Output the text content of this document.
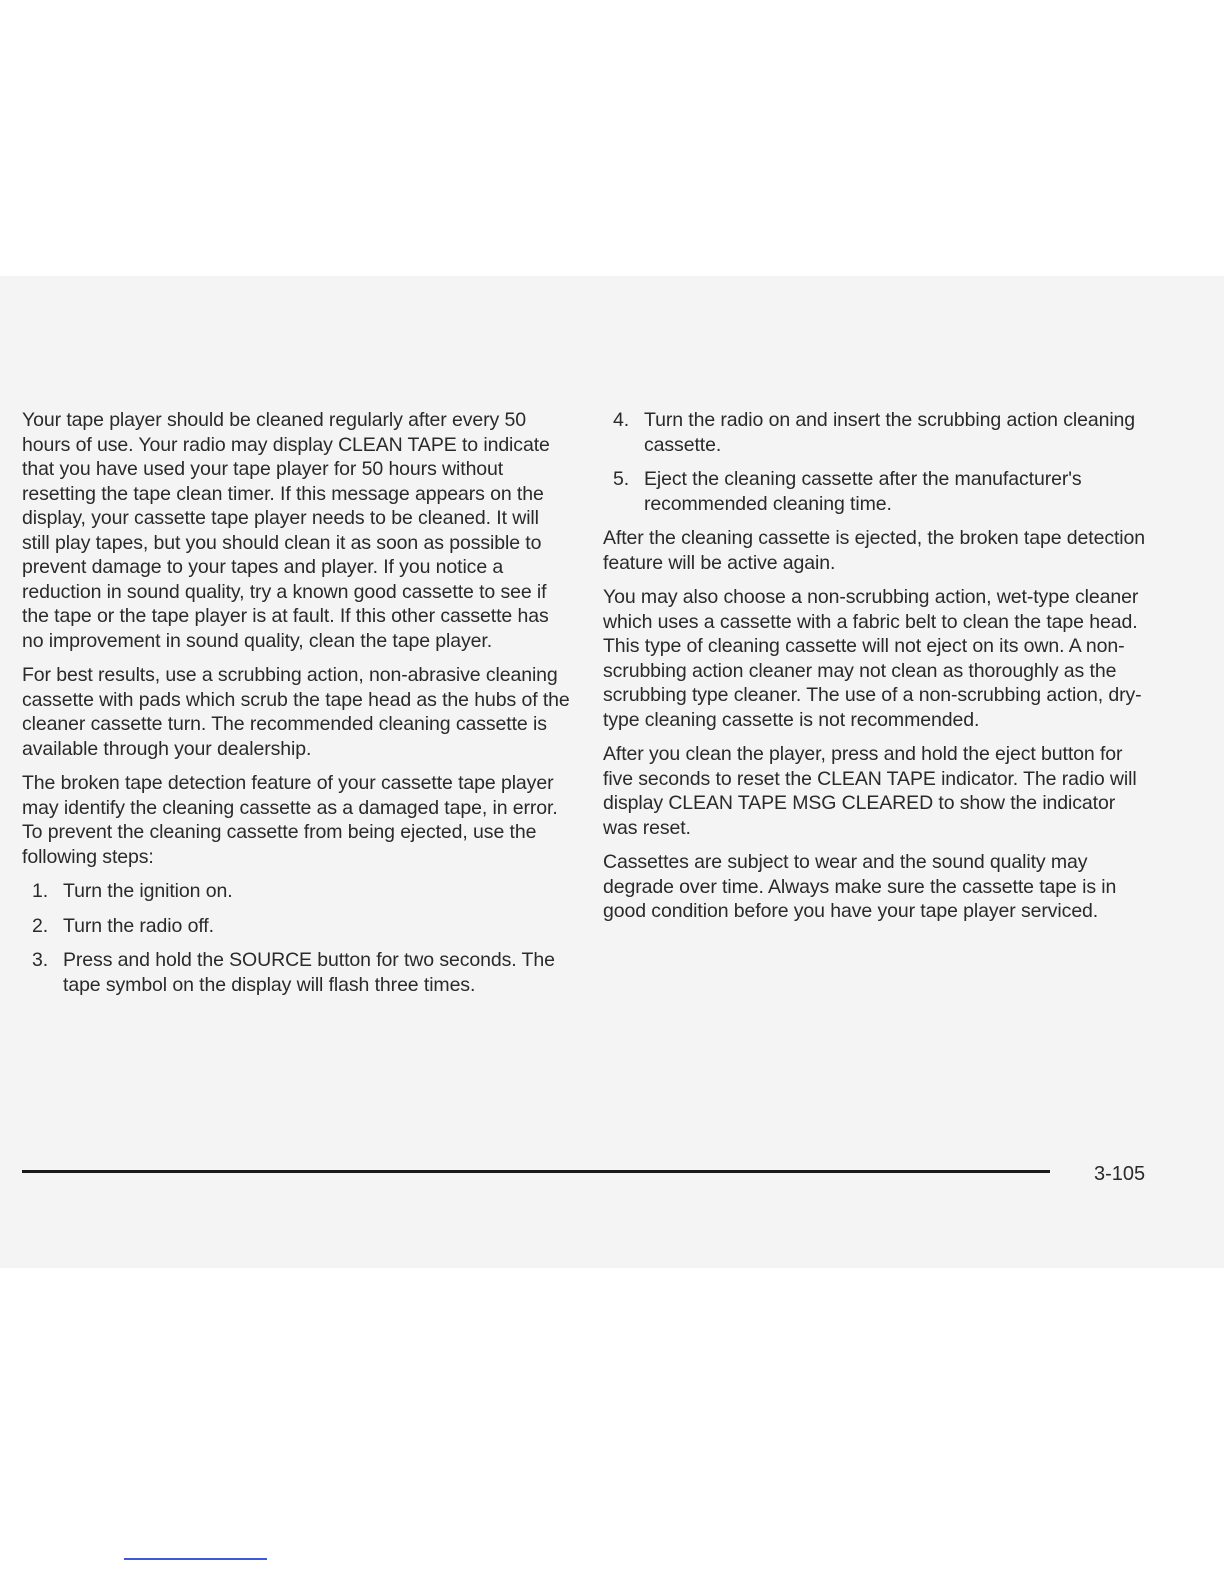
Your tape player should be cleaned regularly after every 50 hours of use. Your radio may display CLEAN TAPE to indicate that you have used your tape player for 50 hours without resetting the tape clean timer. If this message appears on the display, your cassette tape player needs to be cleaned. It will still play tapes, but you should clean it as soon as possible to prevent damage to your tapes and player. If you notice a reduction in sound quality, try a known good cassette to see if the tape or the tape player is at fault. If this other cassette has no improvement in sound quality, clean the tape player.

For best results, use a scrubbing action, non-abrasive cleaning cassette with pads which scrub the tape head as the hubs of the cleaner cassette turn. The recommended cleaning cassette is available through your dealership.

The broken tape detection feature of your cassette tape player may identify the cleaning cassette as a damaged tape, in error. To prevent the cleaning cassette from being ejected, use the following steps:

1. Turn the ignition on.
2. Turn the radio off.
3. Press and hold the SOURCE button for two seconds. The tape symbol on the display will flash three times.
4. Turn the radio on and insert the scrubbing action cleaning cassette.
5. Eject the cleaning cassette after the manufacturer's recommended cleaning time.

After the cleaning cassette is ejected, the broken tape detection feature will be active again.

You may also choose a non-scrubbing action, wet-type cleaner which uses a cassette with a fabric belt to clean the tape head. This type of cleaning cassette will not eject on its own. A non-scrubbing action cleaner may not clean as thoroughly as the scrubbing type cleaner. The use of a non-scrubbing action, dry-type cleaning cassette is not recommended.

After you clean the player, press and hold the eject button for five seconds to reset the CLEAN TAPE indicator. The radio will display CLEAN TAPE MSG CLEARED to show the indicator was reset.

Cassettes are subject to wear and the sound quality may degrade over time. Always make sure the cassette tape is in good condition before you have your tape player serviced.

3-105
